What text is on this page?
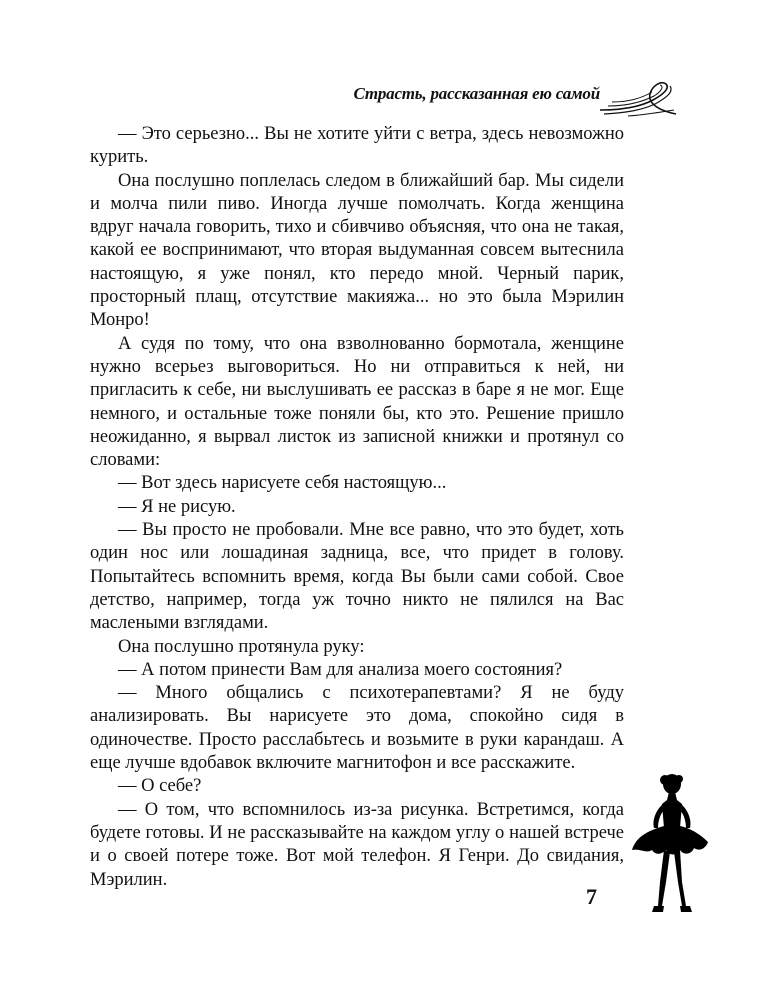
Страсть, рассказанная ею самой

— Это серьезно... Вы не хотите уйти с ветра, здесь невозможно курить.

Она послушно поплелась следом в ближайший бар. Мы сидели и молча пили пиво. Иногда лучше помолчать. Когда женщина вдруг начала говорить, тихо и сбивчиво объясняя, что она не такая, какой ее воспринимают, что вторая выдуманная совсем вытеснила настоящую, я уже понял, кто передо мной. Черный парик, просторный плащ, отсутствие макияжа... но это была Мэрилин Монро!

А судя по тому, что она взволнованно бормотала, женщине нужно всерьез выговориться. Но ни отправиться к ней, ни пригласить к себе, ни выслушивать ее рассказ в баре я не мог. Еще немного, и остальные тоже поняли бы, кто это. Решение пришло неожиданно, я вырвал листок из записной книжки и протянул со словами:

— Вот здесь нарисуете себя настоящую...

— Я не рисую.

— Вы просто не пробовали. Мне все равно, что это будет, хоть один нос или лошадиная задница, все, что придет в голову. Попытайтесь вспомнить время, когда Вы были сами собой. Свое детство, например, тогда уж точно никто не пялился на Вас маслеными взглядами.

Она послушно протянула руку:

— А потом принести Вам для анализа моего состояния?

— Много общались с психотерапевтами? Я не буду анализировать. Вы нарисуете это дома, спокойно сидя в одиночестве. Просто расслабьтесь и возьмите в руки карандаш. А еще лучше вдобавок включите магнитофон и все расскажите.

— О себе?

— О том, что вспомнилось из-за рисунка. Встретимся, когда будете готовы. И не рассказывайте на каждом углу о нашей встрече и о своей потере тоже. Вот мой телефон. Я Генри. До свидания, Мэрилин.

7
